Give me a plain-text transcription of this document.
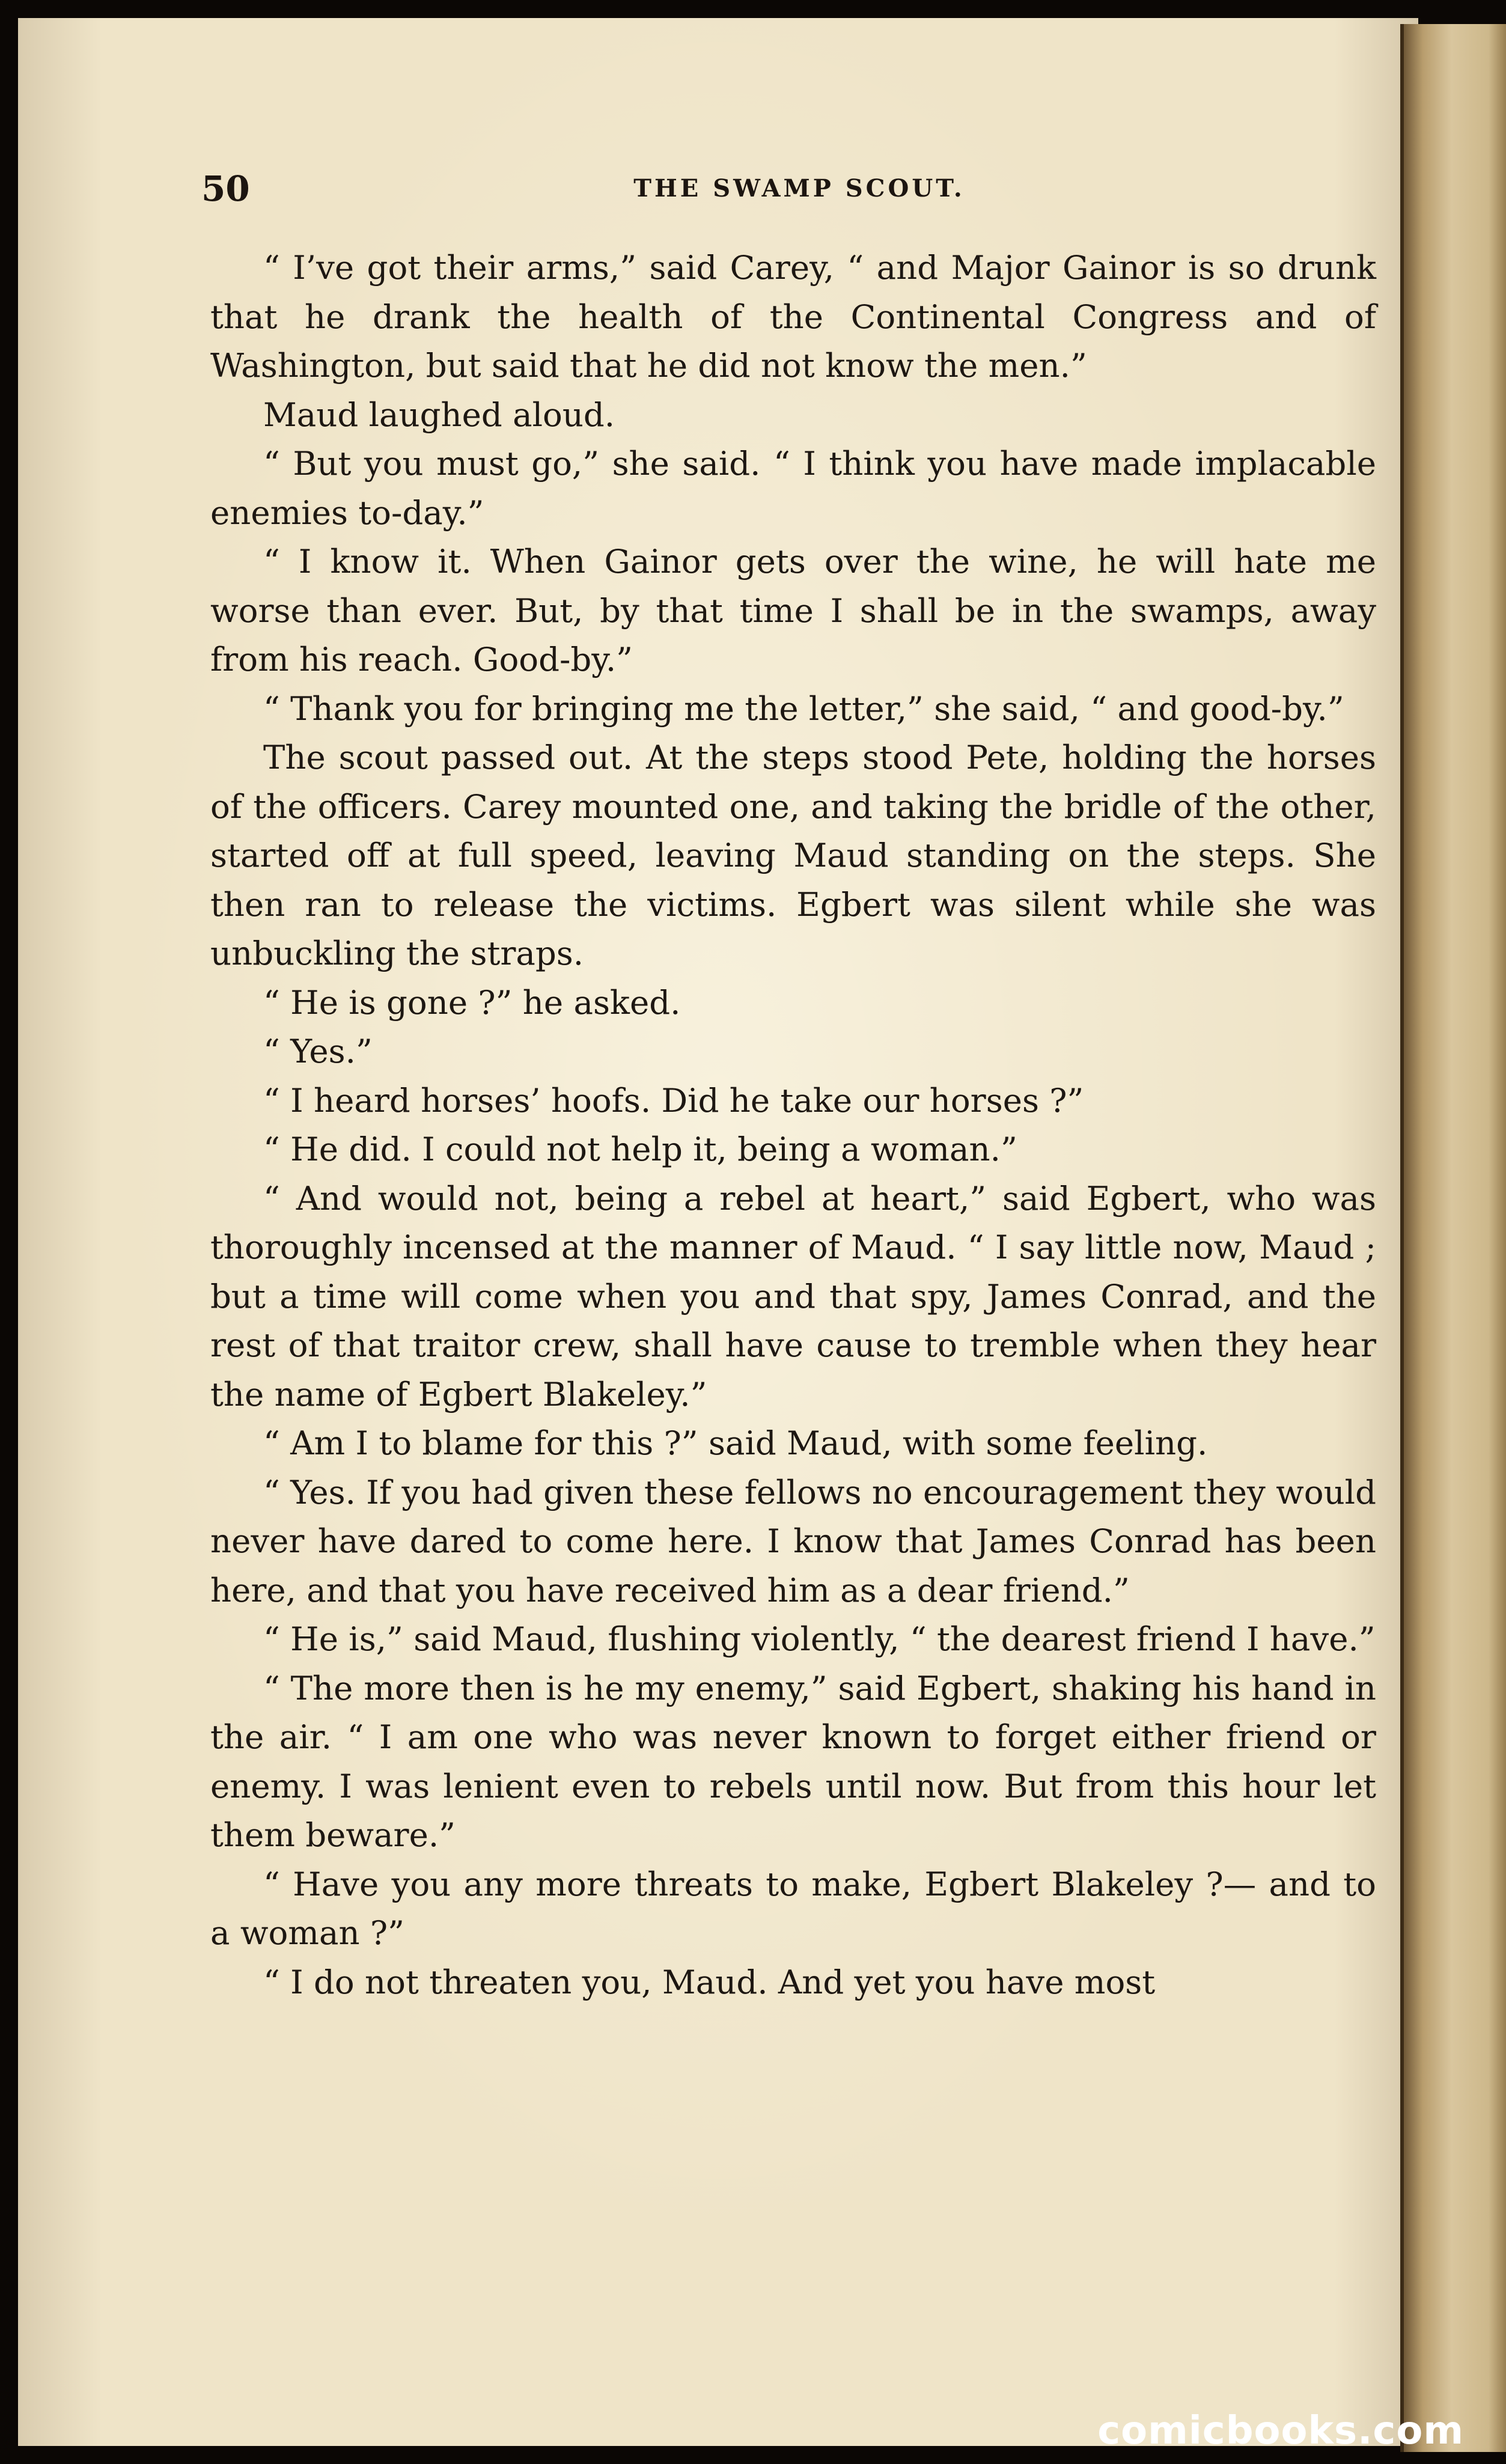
50	THE SWAMP SCOUT.

“ I’ve got their arms,” said Carey, “ and Major Gainor is so drunk that he drank the health of the Continental Congress and of Washington, but said that he did not know the men.”

Maud laughed aloud.

“ But you must go,” she said. “ I think you have made implacable enemies to-day.”

“ I know it. When Gainor gets over the wine, he will hate me worse than ever. But, by that time I shall be in the swamps, away from his reach. Good-by.”

“ Thank you for bringing me the letter,” she said, “ and good-by.”

The scout passed out. At the steps stood Pete, holding the horses of the officers. Carey mounted one, and taking the bridle of the other, started off at full speed, leaving Maud standing on the steps. She then ran to release the victims. Egbert was silent while she was unbuckling the straps.

“ He is gone ?” he asked.

“ Yes.”

“ I heard horses’ hoofs. Did he take our horses ?”

“ He did. I could not help it, being a woman.”

“ And would not, being a rebel at heart,” said Egbert, who was thoroughly incensed at the manner of Maud. “ I say little now, Maud ; but a time will come when you and that spy, James Conrad, and the rest of that traitor crew, shall have cause to tremble when they hear the name of Egbert Blakeley.”

“ Am I to blame for this ?” said Maud, with some feeling.

“ Yes. If you had given these fellows no encouragement they would never have dared to come here. I know that James Conrad has been here, and that you have received him as a dear friend.”

“ He is,” said Maud, flushing violently, “ the dearest friend I have.”

“ The more then is he my enemy,” said Egbert, shaking his hand in the air. “ I am one who was never known to forget either friend or enemy. I was lenient even to rebels until now. But from this hour let them beware.”

“ Have you any more threats to make, Egbert Blakeley ?— and to a woman ?”

“ I do not threaten you, Maud. And yet you have most

comicbooks.com
